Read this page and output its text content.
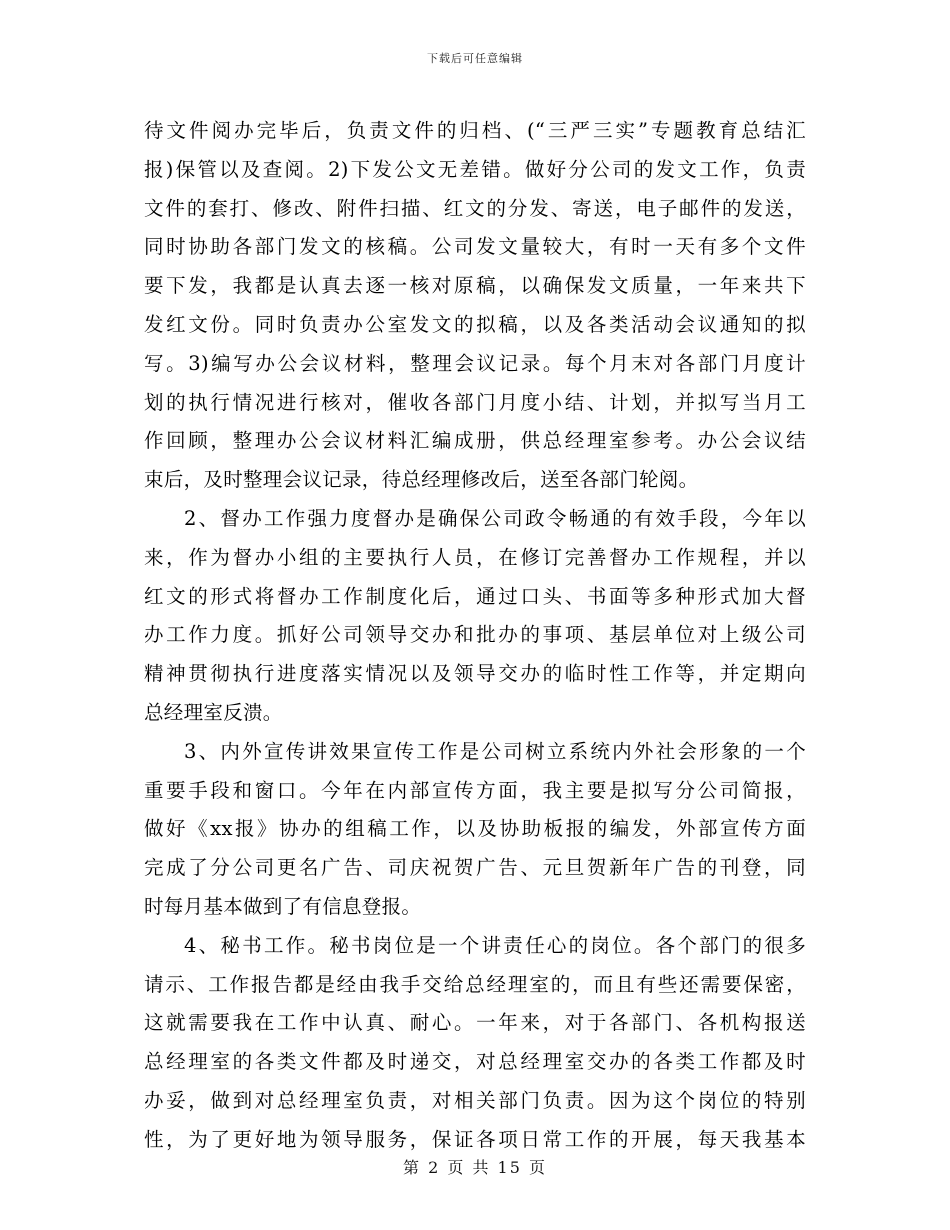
下载后可任意编辑
待文件阅办完毕后，负责文件的归档、(“三严三实”专题教育总结汇
报)保管以及查阅。2)下发公文无差错。做好分公司的发文工作，负责
文件的套打、修改、附件扫描、红文的分发、寄送，电子邮件的发送，
同时协助各部门发文的核稿。公司发文量较大，有时一天有多个文件
要下发，我都是认真去逐一核对原稿，以确保发文质量，一年来共下
发红文份。同时负责办公室发文的拟稿，以及各类活动会议通知的拟
写。3)编写办公会议材料，整理会议记录。每个月末对各部门月度计
划的执行情况进行核对，催收各部门月度小结、计划，并拟写当月工
作回顾，整理办公会议材料汇编成册，供总经理室参考。办公会议结
束后，及时整理会议记录，待总经理修改后，送至各部门轮阅。
2、督办工作强力度督办是确保公司政令畅通的有效手段，今年以
来，作为督办小组的主要执行人员，在修订完善督办工作规程，并以
红文的形式将督办工作制度化后，通过口头、书面等多种形式加大督
办工作力度。抓好公司领导交办和批办的事项、基层单位对上级公司
精神贯彻执行进度落实情况以及领导交办的临时性工作等，并定期向
总经理室反溃。
3、内外宣传讲效果宣传工作是公司树立系统内外社会形象的一个
重要手段和窗口。今年在内部宣传方面，我主要是拟写分公司简报，
做好《xx报》协办的组稿工作，以及协助板报的编发，外部宣传方面
完成了分公司更名广告、司庆祝贺广告、元旦贺新年广告的刊登，同
时每月基本做到了有信息登报。
4、秘书工作。秘书岗位是一个讲责任心的岗位。各个部门的很多
请示、工作报告都是经由我手交给总经理室的，而且有些还需要保密，
这就需要我在工作中认真、耐心。一年来，对于各部门、各机构报送
总经理室的各类文件都及时递交，对总经理室交办的各类工作都及时
办妥，做到对总经理室负责，对相关部门负责。因为这个岗位的特别
性，为了更好地为领导服务，保证各项日常工作的开展，每天我基本
第 2 页 共 15 页
